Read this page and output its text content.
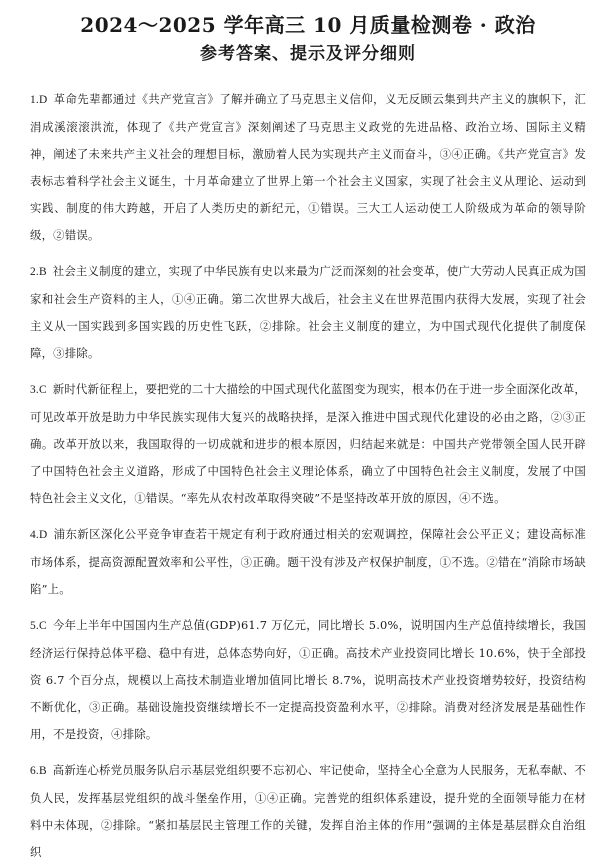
2024～2025 学年高三 10 月质量检测卷 · 政治
参考答案、提示及评分细则

1.D 革命先辈都通过《共产党宣言》了解并确立了马克思主义信仰，义无反顾云集到共产主义的旗帜下，汇涓成溪滚滚洪流，体现了《共产党宣言》深刻阐述了马克思主义政党的先进品格、政治立场、国际主义精神，阐述了未来共产主义社会的理想目标，激励着人民为实现共产主义而奋斗，③④正确。《共产党宣言》发表标志着科学社会主义诞生，十月革命建立了世界上第一个社会主义国家，实现了社会主义从理论、运动到实践、制度的伟大跨越，开启了人类历史的新纪元，①错误。三大工人运动使工人阶级成为革命的领导阶级，②错误。

2.B 社会主义制度的建立，实现了中华民族有史以来最为广泛而深刻的社会变革，使广大劳动人民真正成为国家和社会生产资料的主人，①④正确。第二次世界大战后，社会主义在世界范围内获得大发展，实现了社会主义从一国实践到多国实践的历史性飞跃，②排除。社会主义制度的建立，为中国式现代化提供了制度保障，③排除。

3.C 新时代新征程上，要把党的二十大描绘的中国式现代化蓝图变为现实，根本仍在于进一步全面深化改革，可见改革开放是助力中华民族实现伟大复兴的战略抉择，是深入推进中国式现代化建设的必由之路，②③正确。改革开放以来，我国取得的一切成就和进步的根本原因，归结起来就是：中国共产党带领全国人民开辟了中国特色社会主义道路，形成了中国特色社会主义理论体系，确立了中国特色社会主义制度，发展了中国特色社会主义文化，①错误。“率先从农村改革取得突破”不是坚持改革开放的原因，④不选。

4.D 浦东新区深化公平竞争审查若干规定有利于政府通过相关的宏观调控，保障社会公平正义；建设高标准市场体系，提高资源配置效率和公平性，③正确。题干没有涉及产权保护制度，①不选。②错在“消除市场缺陷”上。

5.C 今年上半年中国国内生产总值(GDP)61.7 万亿元，同比增长 5.0%，说明国内生产总值持续增长，我国经济运行保持总体平稳、稳中有进，总体态势向好，①正确。高技术产业投资同比增长 10.6%，快于全部投资 6.7 个百分点，规模以上高技术制造业增加值同比增长 8.7%，说明高技术产业投资增势较好，投资结构不断优化，③正确。基础设施投资继续增长不一定提高投资盈利水平，②排除。消费对经济发展是基础性作用，不是投资，④排除。

6.B 高新连心桥党员服务队启示基层党组织要不忘初心、牢记使命，坚持全心全意为人民服务，无私奉献、不负人民，发挥基层党组织的战斗堡垒作用，①④正确。完善党的组织体系建设，提升党的全面领导能力在材料中未体现，②排除。“紧扣基层民主管理工作的关键，发挥自治主体的作用”强调的主体是基层群众自治组织
